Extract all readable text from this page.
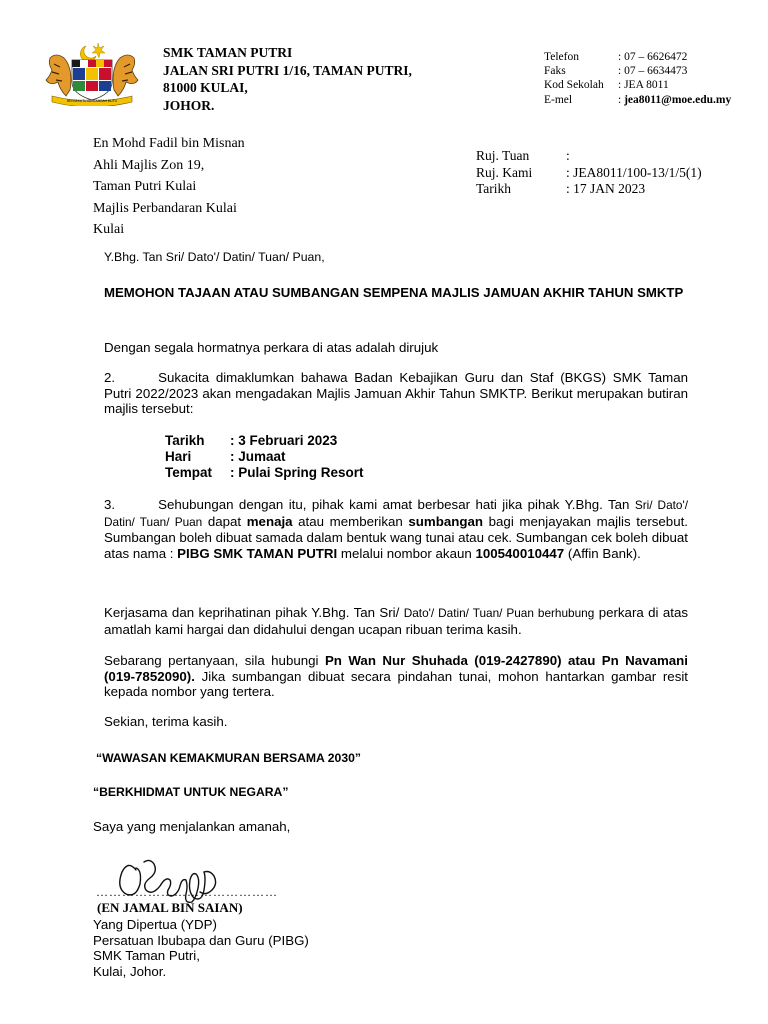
BERSEKUTU BERTAMBAH MUTU
SMK TAMAN PUTRI
JALAN SRI PUTRI 1/16, TAMAN PUTRI,
81000 KULAI,
JOHOR.
Telefon	: 07 – 6626472
Faks	: 07 – 6634473
Kod Sekolah	: JEA 8011
E-mel	: jea8011@moe.edu.my
En Mohd Fadil bin Misnan
Ahli Majlis Zon 19,
Taman Putri Kulai
Majlis Perbandaran Kulai
Kulai
Ruj. Tuan	:
Ruj. Kami	: JEA8011/100-13/1/5(1)
Tarikh	: 17 JAN 2023
Y.Bhg. Tan Sri/ Dato'/ Datin/ Tuan/ Puan,
MEMOHON TAJAAN ATAU SUMBANGAN SEMPENA MAJLIS JAMUAN AKHIR TAHUN SMKTP
Dengan segala hormatnya perkara di atas adalah dirujuk
2.	Sukacita dimaklumkan bahawa Badan Kebajikan Guru dan Staf (BKGS) SMK Taman Putri 2022/2023 akan mengadakan Majlis Jamuan Akhir Tahun SMKTP. Berikut merupakan butiran majlis tersebut:
Tarikh	: 3 Februari 2023
Hari	: Jumaat
Tempat	: Pulai Spring Resort
3.	Sehubungan dengan itu, pihak kami amat berbesar hati jika pihak Y.Bhg. Tan Sri/ Dato'/ Datin/ Tuan/ Puan dapat menaja atau memberikan sumbangan bagi menjayakan majlis tersebut. Sumbangan boleh dibuat samada dalam bentuk wang tunai atau cek. Sumbangan cek boleh dibuat atas nama : PIBG SMK TAMAN PUTRI melalui nombor akaun 100540010447 (Affin Bank).
Kerjasama dan keprihatinan pihak Y.Bhg. Tan Sri/ Dato'/ Datin/ Tuan/ Puan berhubung perkara di atas amatlah kami hargai dan didahului dengan ucapan ribuan terima kasih.
Sebarang pertanyaan, sila hubungi Pn Wan Nur Shuhada (019-2427890) atau Pn Navamani (019-7852090). Jika sumbangan dibuat secara pindahan tunai, mohon hantarkan gambar resit kepada nombor yang tertera.
Sekian, terima kasih.
“WAWASAN KEMAKMURAN BERSAMA 2030”
“BERKHIDMAT UNTUK NEGARA”
Saya yang menjalankan amanah,
……………………………………
(EN JAMAL BIN SAIAN)
Yang Dipertua (YDP)
Persatuan Ibubapa dan Guru (PIBG)
SMK Taman Putri,
Kulai, Johor.
